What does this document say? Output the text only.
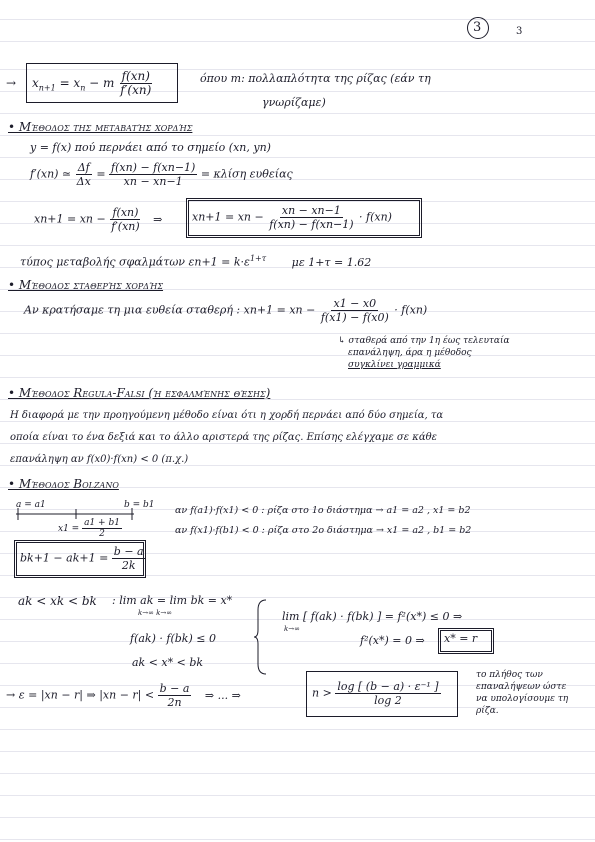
3	3
→ $x_{n+1} = x_n - m \frac{f(xn)}{f'(xn)}$	όπου m: πολλαπλότητα της ρίζας (εάν τη
γνωρίζαμε)
• Μέθοδος της μεταβατής χορδής
y = f(x) πού περνάει από το σημείο (xn, yn)
f′(xn) ≃ $\frac{\Delta f}{\Delta x} = \frac{f(xn) - f(xn-1)}{xn - xn-1} = \kappa\lambda ί\sigma\eta$ ευθείας
xn+1 = xn − $\frac{f(xn)}{f'(xn)}$ ⇒	xn+1 = xn − $\frac{xn - xn-1}{f(xn) - f(xn-1)} \cdot f(xn)$
τύπος μεταβολής σφαλμάτων $\varepsilon n+1 = k\cdot\varepsilon^{1+\tau}$ με 1+τ = 1.62
• Μέθοδος σταθερής χορδής
Αν κρατήσαμε τη μια ευθεία σταθερή : xn+1 = xn − $\frac{x1 - x0}{f(x1) - f(x0)} \cdot f(xn)$
↳ σταθερά από την 1η έως τελευταία
επανάληψη, άρα η μέθοδος
συγκλίνει γραμμικά
• Μέθοδος Regula-Falsi (ή εσφαλμένης θέσης)
Η διαφορά με την προηγούμενη μέθοδο είναι ότι η χορδή περνάει από δύο σημεία, τα
οποία είναι το ένα δεξιά και το άλλο αριστερά της ρίζας. Επίσης ελέγχαμε σε κάθε
επανάληψη αν f(x0)·f(xn) < 0 (π.χ.)
• Μέθοδος Bolzano
a = a1	b = b1
$x1 = \frac{a1 + b1}{2}$
αν f(a1)·f(x1) < 0 : ρίζα στο 1ο διάστημα → a1 = a2 , x1 = b2
αν f(x1)·f(b1) < 0 : ρίζα στο 2ο διάστημα → x1 = a2 , b1 = b2
$bk+1 - ak+1 = \frac{b - a}{2k}$
ak < xk < bk : lim ak = lim bk = x*
k→∞ k→∞
f(ak) · f(bk) ≤ 0
ak < x* < bk
lim [ f(ak) · f(bk) ] = f²(x*) ≤ 0 ⇒
k→∞
f²(x*) = 0 ⇒ x* = r
→ ε = |xn − r| ⇒ $|xn - r| < \frac{b - a}{2n}$ ⇒ ... ⇒	$n > \frac{\text{log [ (b − a) · ε⁻¹ ]}}{\log 2}$
το πλήθος των
επαναλήψεων ώστε
να υπολογίσουμε τη
ρίζα.
